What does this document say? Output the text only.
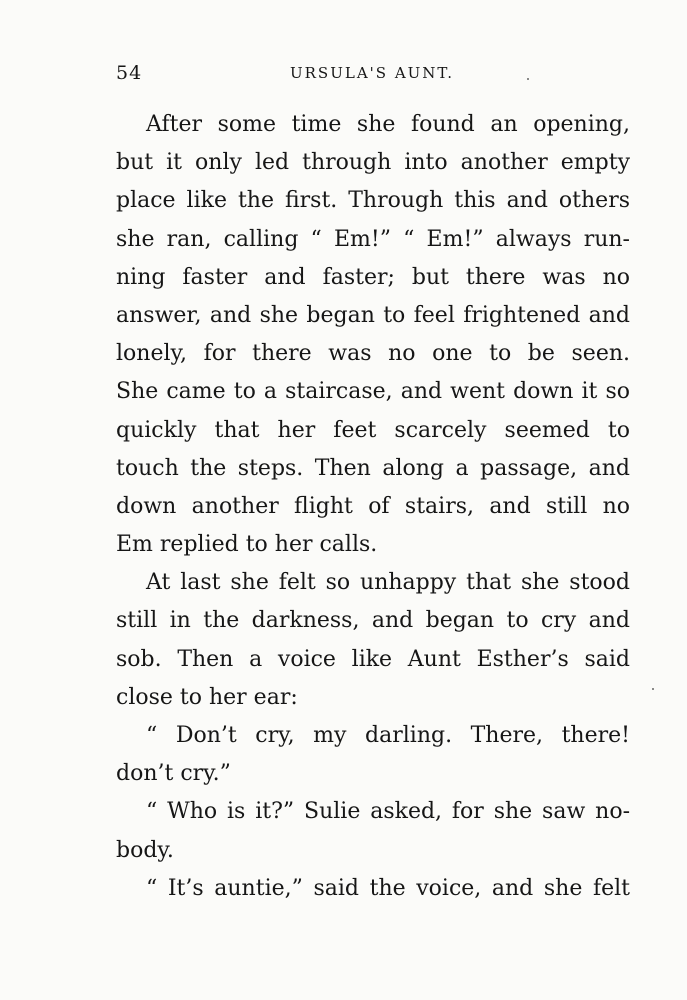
54	URSULA'S AUNT.
After some time she found an opening,
but it only led through into another empty
place like the first. Through this and others
she ran, calling “ Em!” “ Em!” always run-
ning faster and faster; but there was no
answer, and she began to feel frightened and
lonely, for there was no one to be seen.
She came to a staircase, and went down it so
quickly that her feet scarcely seemed to
touch the steps. Then along a passage, and
down another flight of stairs, and still no
Em replied to her calls.
At last she felt so unhappy that she stood
still in the darkness, and began to cry and
sob. Then a voice like Aunt Esther’s said
close to her ear:
“ Don’t cry, my darling. There, there!
don’t cry.”
“ Who is it?” Sulie asked, for she saw no-
body.
“ It’s auntie,” said the voice, and she felt
